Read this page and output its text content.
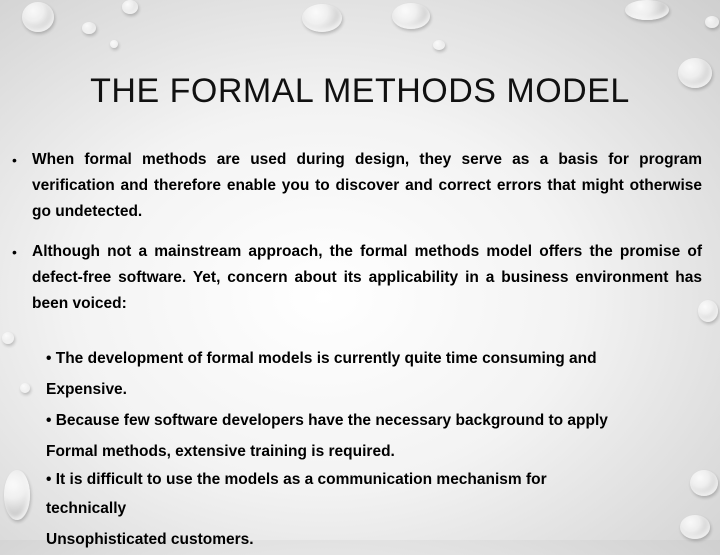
THE FORMAL METHODS MODEL
• When formal methods are used during design, they serve as a basis for program verification and therefore enable you to discover and correct errors that might otherwise go undetected.
• Although not a mainstream approach, the formal methods model offers the promise of defect-free software. Yet, concern about its applicability in a business environment has been voiced:
• The development of formal models is currently quite time consuming and
Expensive.
• Because few software developers have the necessary background to apply
Formal methods, extensive training is required.
• It is difficult to use the models as a communication mechanism for
technically
Unsophisticated customers.
